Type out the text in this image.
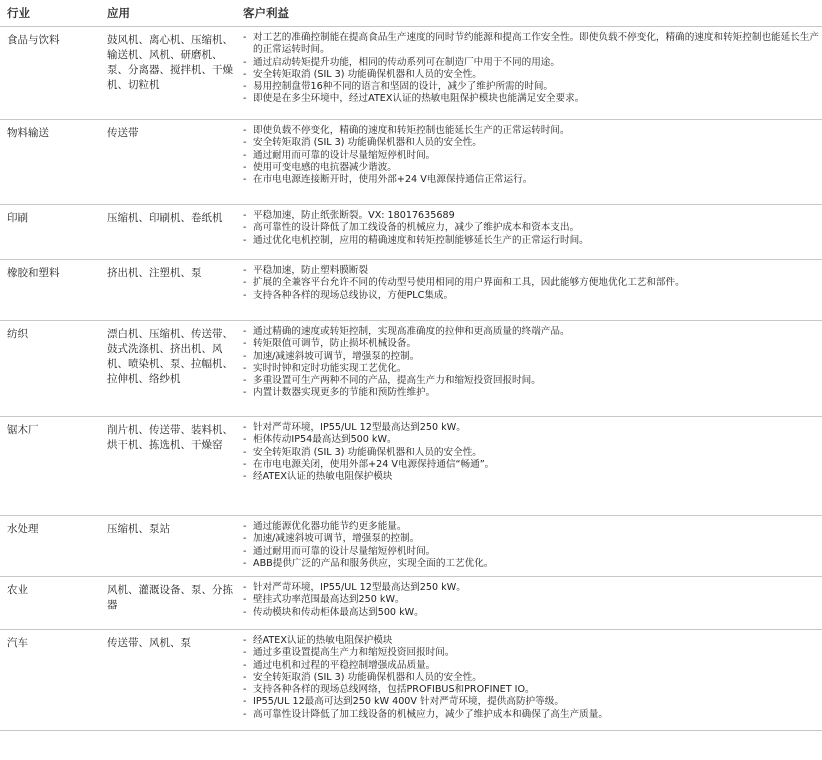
行业	应用	客户利益
食品与饮料	鼓风机、离心机、压缩机、输送机、风机、研磨机、泵、分离器、搅拌机、干燥机、切粒机
- 对工艺的准确控制能在提高食品生产速度的同时节约能源和提高工作安全性。即使负载不停变化，精确的速度和转矩控制也能延长生产的正常运转时间。
- 通过启动转矩提升功能，相同的传动系列可在制造厂中用于不同的用途。
- 安全转矩取消 (SIL 3) 功能确保机器和人员的安全性。
- 易用控制盘带16种不同的语言和坚固的设计，减少了维护所需的时间。
- 即使是在多尘环境中，经过ATEX认证的热敏电阻保护模块也能满足安全要求。
物料输送	传送带	- 即使负载不停变化，精确的速度和转矩控制也能延长生产的正常运转时间。
- 安全转矩取消 (SIL 3) 功能确保机器和人员的安全性。
- 通过耐用而可靠的设计尽量缩短停机时间。
- 使用可变电感的电抗器减少谐波。
- 在市电电源连接断开时，使用外部+24 V电源保持通信正常运行。
印刷	压缩机、印刷机、卷纸机	- 平稳加速，防止纸张断裂。VX: 18017635689
- 高可靠性的设计降低了加工线设备的机械应力，减少了维护成本和资本支出。
- 通过优化电机控制，应用的精确速度和转矩控制能够延长生产的正常运行时间。
橡胶和塑料	挤出机、注塑机、泵	- 平稳加速，防止塑料膜断裂
- 扩展的全兼容平台允许不同的传动型号使用相同的用户界面和工具，因此能够方便地优化工艺和部件。
- 支持各种各样的现场总线协议，方便PLC集成。
纺织	漂白机、压缩机、传送带、鼓式洗涤机、挤出机、风机、喷染机、泵、拉幅机、拉伸机、络纱机
- 通过精确的速度或转矩控制，实现高准确度的拉伸和更高质量的终端产品。
- 转矩限值可调节，防止损坏机械设备。
- 加速/减速斜坡可调节，增强泵的控制。
- 实时时钟和定时功能实现工艺优化。
- 多重设置可生产两种不同的产品，提高生产力和缩短投资回报时间。
- 内置计数器实现更多的节能和预防性维护。
锯木厂	削片机、传送带、装料机、烘干机、拣选机、干燥窑
- 针对严苛环境，IP55/UL 12型最高达到250 kW。
- 柜体传动IP54最高达到500 kW。
- 安全转矩取消 (SIL 3) 功能确保机器和人员的安全性。
- 在市电电源关闭，使用外部+24 V电源保持通信“畅通”。
- 经ATEX认证的热敏电阻保护模块
水处理	压缩机、泵站	- 通过能源优化器功能节约更多能量。
- 加速/减速斜坡可调节，增强泵的控制。
- 通过耐用而可靠的设计尽量缩短停机时间。
- ABB提供广泛的产品和服务供应，实现全面的工艺优化。
农业	风机、灌溉设备、泵、分拣器
- 针对严苛环境，IP55/UL 12型最高达到250 kW。
- 壁挂式功率范围最高达到250 kW。
- 传动模块和传动柜体最高达到500 kW。
汽车	传送带、风机、泵	- 经ATEX认证的热敏电阻保护模块
- 通过多重设置提高生产力和缩短投资回报时间。
- 通过电机和过程的平稳控制增强成品质量。
- 安全转矩取消 (SIL 3) 功能确保机器和人员的安全性。
- 支持各种各样的现场总线网络，包括PROFIBUS和PROFINET IO。
- IP55/UL 12最高可达到250 kW 400V 针对严苛环境，提供高防护等级。
- 高可靠性设计降低了加工线设备的机械应力，减少了维护成本和确保了高生产质量。
